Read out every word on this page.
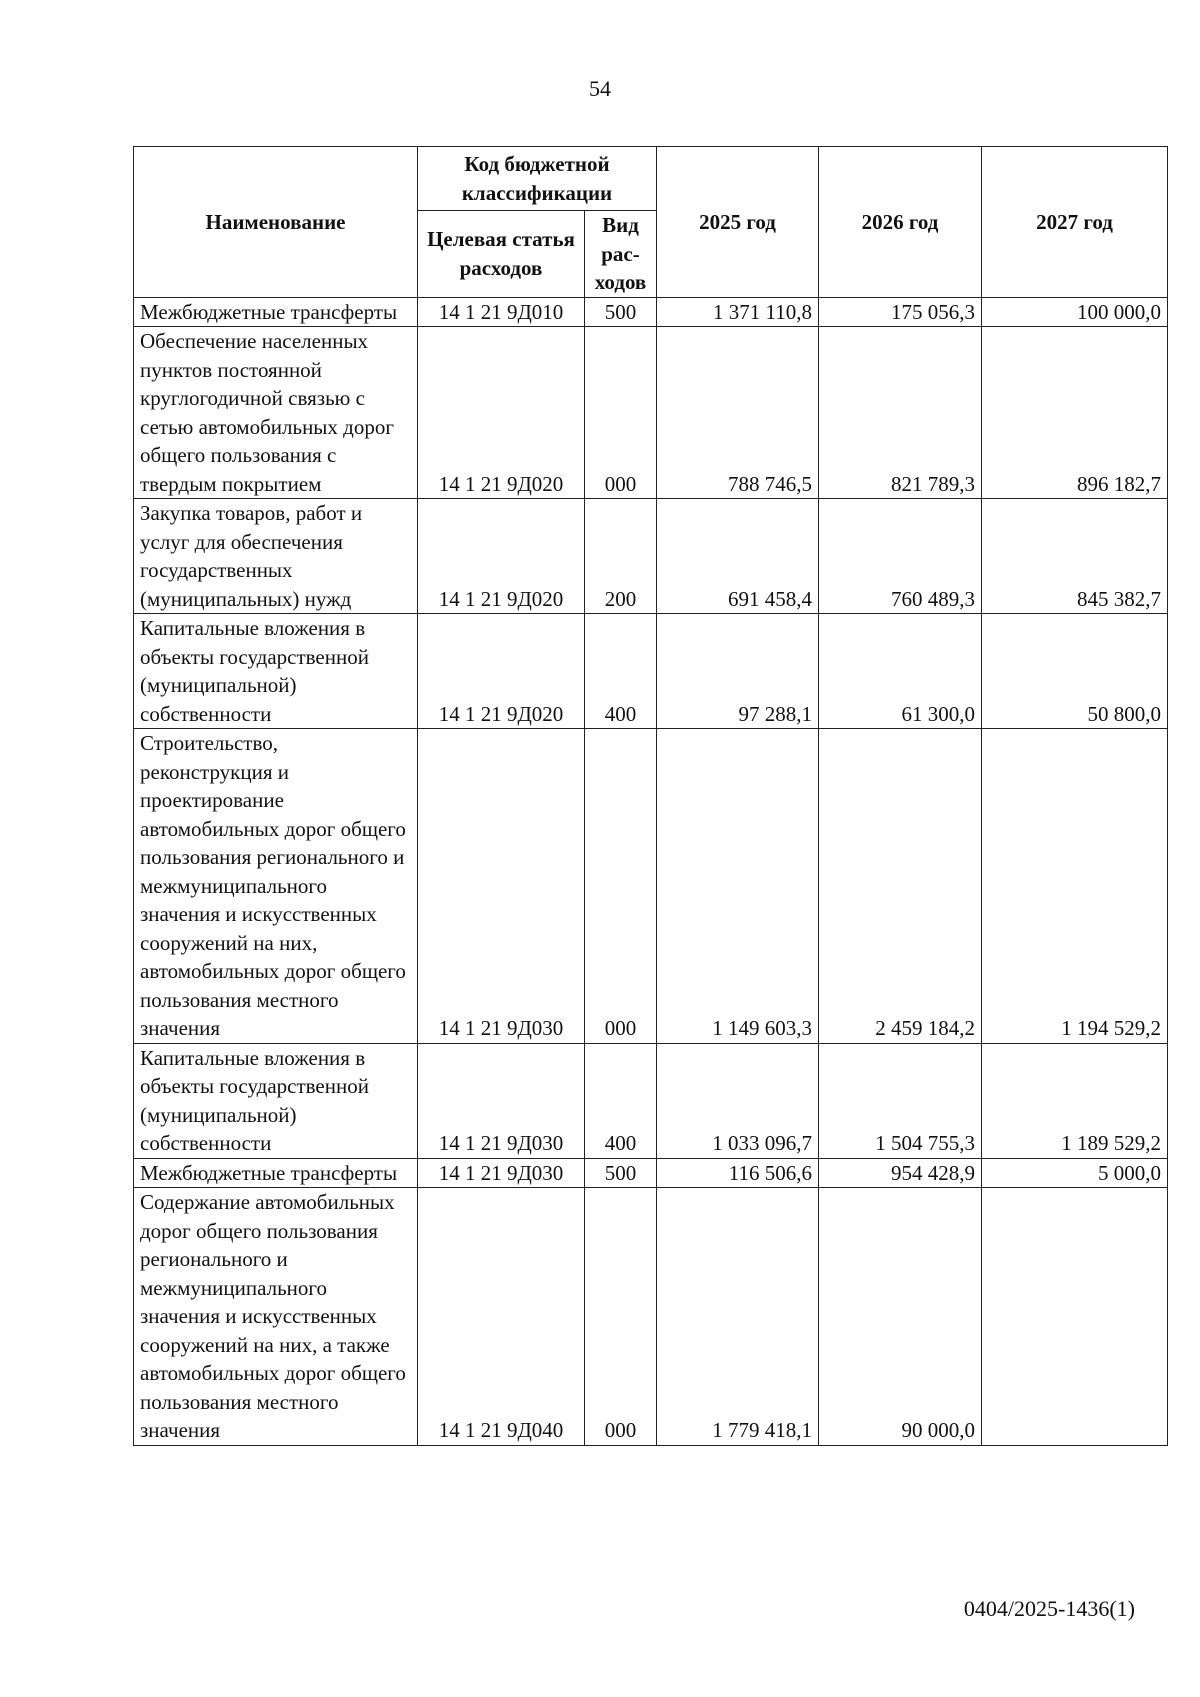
54
Наименование	Код бюджетной классификации		2025 год	2026 год	2027 год
	Целевая статья расходов	Вид рас-ходов			
Межбюджетные трансферты	14 1 21 9Д010	500	1 371 110,8	175 056,3	100 000,0
Обеспечение населенных пунктов постоянной круглогодичной связью с сетью автомобильных дорог общего пользования с твердым покрытием	14 1 21 9Д020	000	788 746,5	821 789,3	896 182,7
Закупка товаров, работ и услуг для обеспечения государственных (муниципальных) нужд	14 1 21 9Д020	200	691 458,4	760 489,3	845 382,7
Капитальные вложения в объекты государственной (муниципальной) собственности	14 1 21 9Д020	400	97 288,1	61 300,0	50 800,0
Строительство, реконструкция и проектирование автомобильных дорог общего пользования регионального и межмуниципального значения и искусственных сооружений на них, автомобильных дорог общего пользования местного значения	14 1 21 9Д030	000	1 149 603,3	2 459 184,2	1 194 529,2
Капитальные вложения в объекты государственной (муниципальной) собственности	14 1 21 9Д030	400	1 033 096,7	1 504 755,3	1 189 529,2
Межбюджетные трансферты	14 1 21 9Д030	500	116 506,6	954 428,9	5 000,0
Содержание автомобильных дорог общего пользования регионального и межмуниципального значения и искусственных сооружений на них, а также автомобильных дорог общего пользования местного значения	14 1 21 9Д040	000	1 779 418,1	90 000,0	
0404/2025-1436(1)
